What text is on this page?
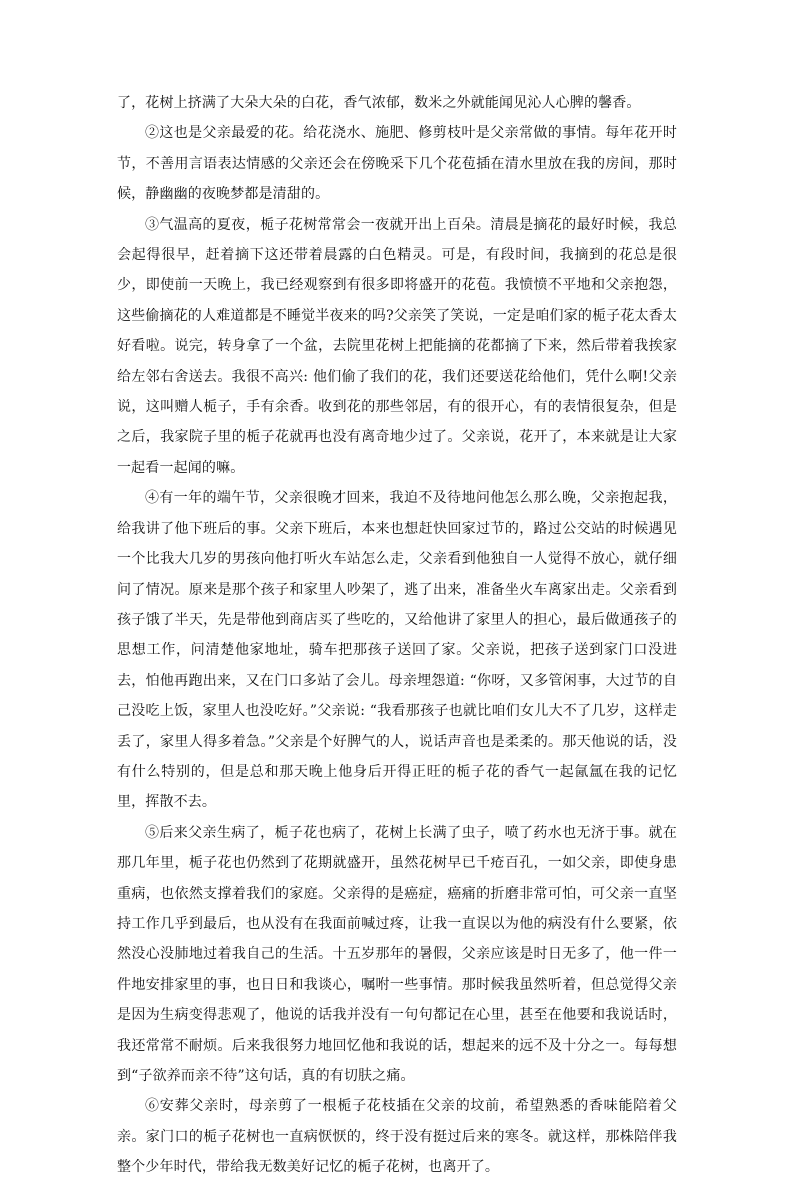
了，花树上挤满了大朵大朵的白花，香气浓郁，数米之外就能闻见沁人心脾的馨香。

②这也是父亲最爱的花。给花浇水、施肥、修剪枝叶是父亲常做的事情。每年花开时节，不善用言语表达情感的父亲还会在傍晚采下几个花苞插在清水里放在我的房间，那时候，静幽幽的夜晚梦都是清甜的。

③气温高的夏夜，栀子花树常常会一夜就开出上百朵。清晨是摘花的最好时候，我总会起得很早，赶着摘下这还带着晨露的白色精灵。可是，有段时间，我摘到的花总是很少，即使前一天晚上，我已经观察到有很多即将盛开的花苞。我愤愤不平地和父亲抱怨，这些偷摘花的人难道都是不睡觉半夜来的吗?父亲笑了笑说，一定是咱们家的栀子花太香太好看啦。说完，转身拿了一个盆，去院里花树上把能摘的花都摘了下来，然后带着我挨家给左邻右舍送去。我很不高兴: 他们偷了我们的花，我们还要送花给他们，凭什么啊!父亲说，这叫赠人栀子，手有余香。收到花的那些邻居，有的很开心，有的表情很复杂，但是之后，我家院子里的栀子花就再也没有离奇地少过了。父亲说，花开了，本来就是让大家一起看一起闻的嘛。

④有一年的端午节，父亲很晚才回来，我迫不及待地问他怎么那么晚，父亲抱起我，给我讲了他下班后的事。父亲下班后，本来也想赶快回家过节的，路过公交站的时候遇见一个比我大几岁的男孩向他打听火车站怎么走，父亲看到他独自一人觉得不放心，就仔细问了情况。原来是那个孩子和家里人吵架了，逃了出来，准备坐火车离家出走。父亲看到孩子饿了半天，先是带他到商店买了些吃的，又给他讲了家里人的担心，最后做通孩子的思想工作，问清楚他家地址，骑车把那孩子送回了家。父亲说，把孩子送到家门口没进去，怕他再跑出来，又在门口多站了会儿。母亲埋怨道: “你呀，又多管闲事，大过节的自己没吃上饭，家里人也没吃好。”父亲说: “我看那孩子也就比咱们女儿大不了几岁，这样走丢了，家里人得多着急。”父亲是个好脾气的人，说话声音也是柔柔的。那天他说的话，没有什么特别的，但是总和那天晚上他身后开得正旺的栀子花的香气一起氤氲在我的记忆里，挥散不去。

⑤后来父亲生病了，栀子花也病了，花树上长满了虫子，喷了药水也无济于事。就在那几年里，栀子花也仍然到了花期就盛开，虽然花树早已千疮百孔，一如父亲，即使身患重病，也依然支撑着我们的家庭。父亲得的是癌症，癌痛的折磨非常可怕，可父亲一直坚持工作几乎到最后，也从没有在我面前喊过疼，让我一直误以为他的病没有什么要紧，依然没心没肺地过着我自己的生活。十五岁那年的暑假，父亲应该是时日无多了，他一件一件地安排家里的事，也日日和我谈心，嘱咐一些事情。那时候我虽然听着，但总觉得父亲是因为生病变得悲观了，他说的话我并没有一句句都记在心里，甚至在他要和我说话时，我还常常不耐烦。后来我很努力地回忆他和我说的话，想起来的远不及十分之一。每每想到“子欲养而亲不待”这句话，真的有切肤之痛。

⑥安葬父亲时，母亲剪了一根栀子花枝插在父亲的坟前，希望熟悉的香味能陪着父亲。家门口的栀子花树也一直病恹恹的，终于没有挺过后来的寒冬。就这样，那株陪伴我整个少年时代，带给我无数美好记忆的栀子花树，也离开了。
